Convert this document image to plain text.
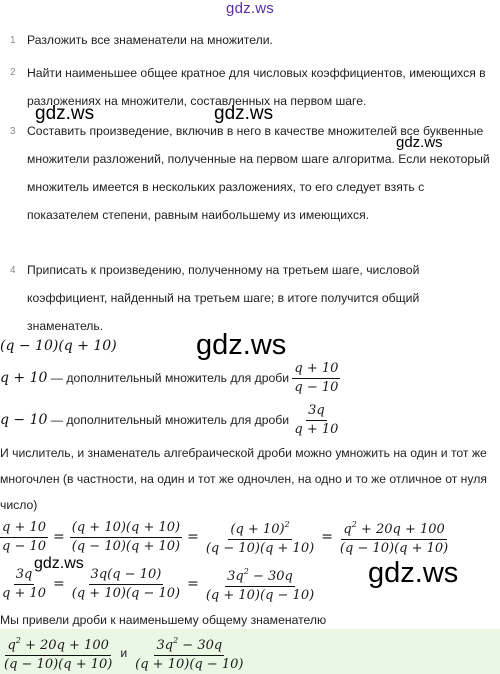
gdz.ws
1 Разложить все знаменатели на множители.
2 Найти наименьшее общее кратное для числовых коэффициентов, имеющихся в разложениях на множители, составленных на первом шаге.
3 Составить произведение, включив в него в качестве множителей все буквенные множители разложений, полученные на первом шаге алгоритма. Если некоторый множитель имеется в нескольких разложениях, то его следует взять с показателем степени, равным наибольшему из имеющихся.
4 Приписать к произведению, полученному на третьем шаге, числовой коэффициент, найденный на третьем шаге; в итоге получится общий знаменатель.
gdz.ws	gdz.ws
gdz.ws
gdz.ws
gdz.ws
gdz.ws
(q − 10)(q + 10)
q + 10 — дополнительный множитель для дроби $\frac{q + 10}{q - 10}$
q − 10 — дополнительный множитель для дроби $\frac{3q}{q + 10}$
И числитель, и знаменатель алгебраической дроби можно умножить на один и тот же многочлен (в частности, на один и тот же одночлен, на одно и то же отличное от нуля число)
$\frac{q + 10}{q - 10} = \frac{(q + 10)(q + 10)}{(q - 10)(q + 10)} = \frac{(q + 10)^2}{(q - 10)(q + 10)} = \frac{q^2 + 20q + 100}{(q - 10)(q + 10)}$
$\frac{3q}{q + 10} = \frac{3q(q - 10)}{(q + 10)(q - 10)} = \frac{3q^2 - 30q}{(q + 10)(q - 10)}$
Мы привели дроби к наименьшему общему знаменателю
$\frac{q^2 + 20q + 100}{(q - 10)(q + 10)}$ и $\frac{3q^2 - 30q}{(q + 10)(q - 10)}$
